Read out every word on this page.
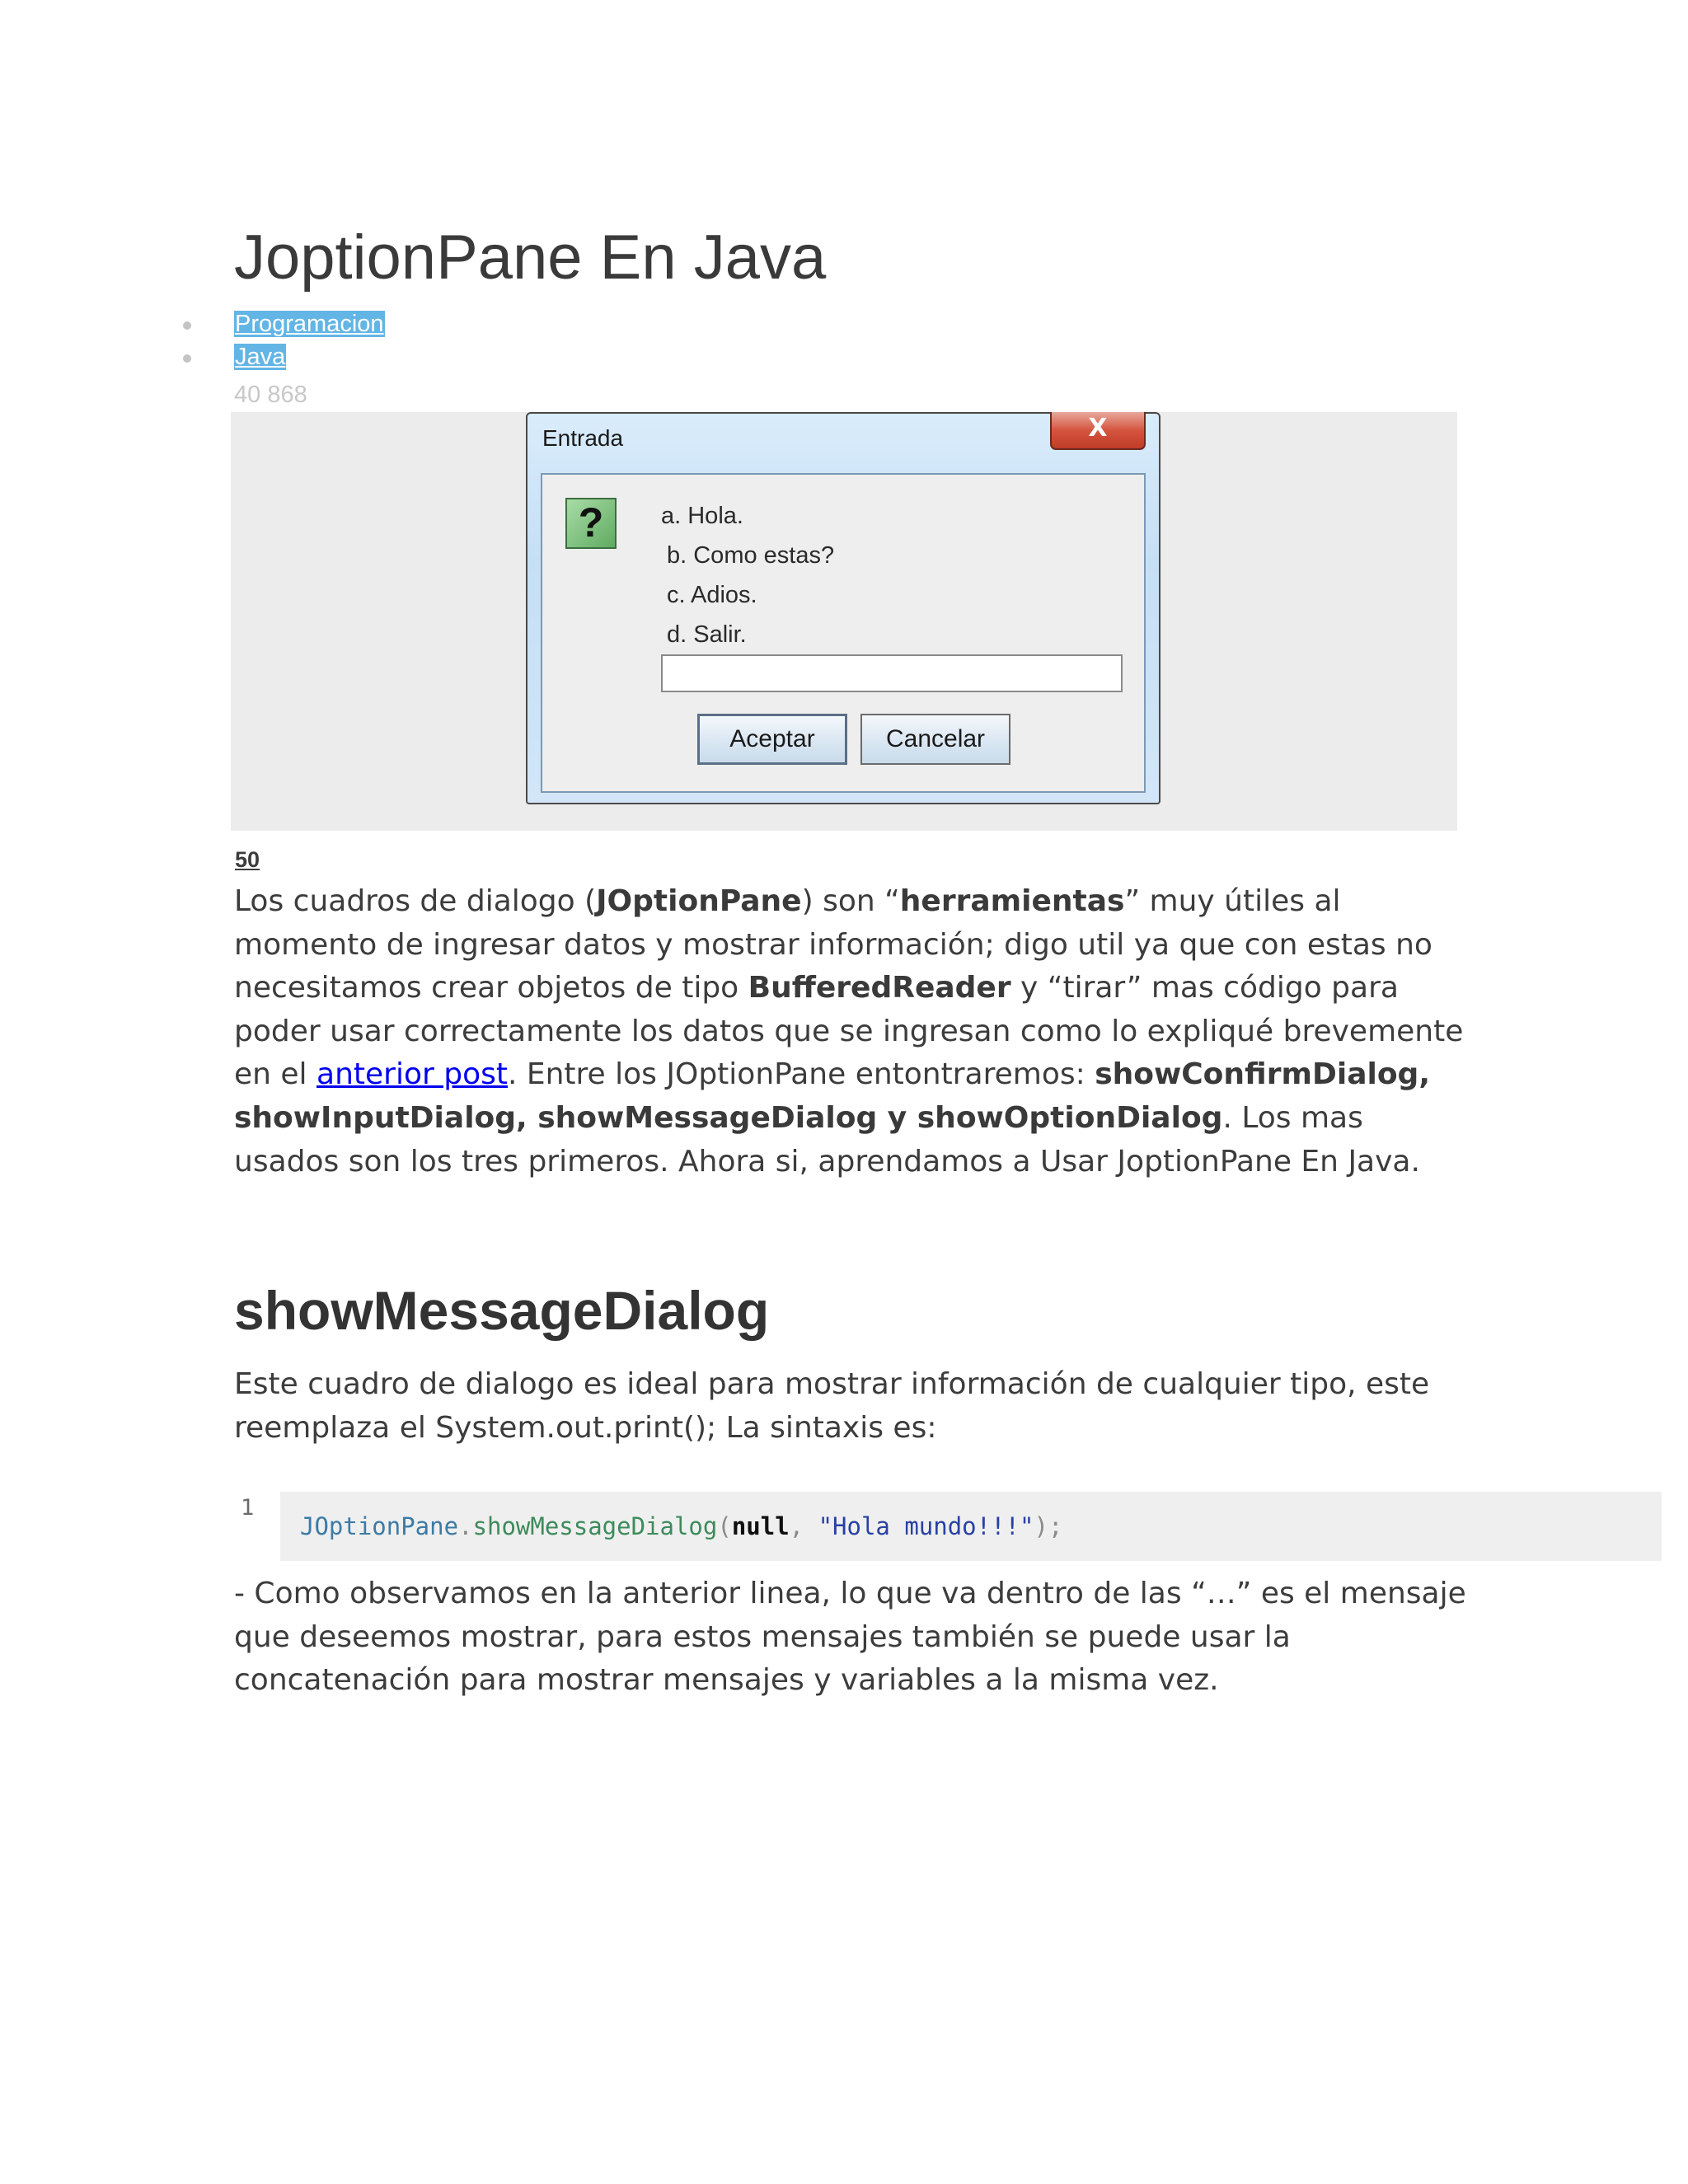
JoptionPane En Java
Programacion
Java
40 868
Entrada	X
?	a. Hola.
b. Como estas?
c. Adios.
d. Salir.
Aceptar	Cancelar
50

Los cuadros de dialogo (JOptionPane) son “herramientas” muy útiles al momento de ingresar datos y mostrar información; digo util ya que con estas no necesitamos crear objetos de tipo BufferedReader y “tirar” mas código para poder usar correctamente los datos que se ingresan como lo expliqué brevemente en el anterior post. Entre los JOptionPane entontraremos: showConfirmDialog, showInputDialog, showMessageDialog y showOptionDialog. Los mas usados son los tres primeros. Ahora si, aprendamos a Usar JoptionPane En Java.

showMessageDialog

Este cuadro de dialogo es ideal para mostrar información de cualquier tipo, este reemplaza el System.out.print(); La sintaxis es:

1
JOptionPane.showMessageDialog(null, "Hola mundo!!!");

- Como observamos en la anterior linea, lo que va dentro de las “…” es el mensaje que deseemos mostrar, para estos mensajes también se puede usar la concatenación para mostrar mensajes y variables a la misma vez.
